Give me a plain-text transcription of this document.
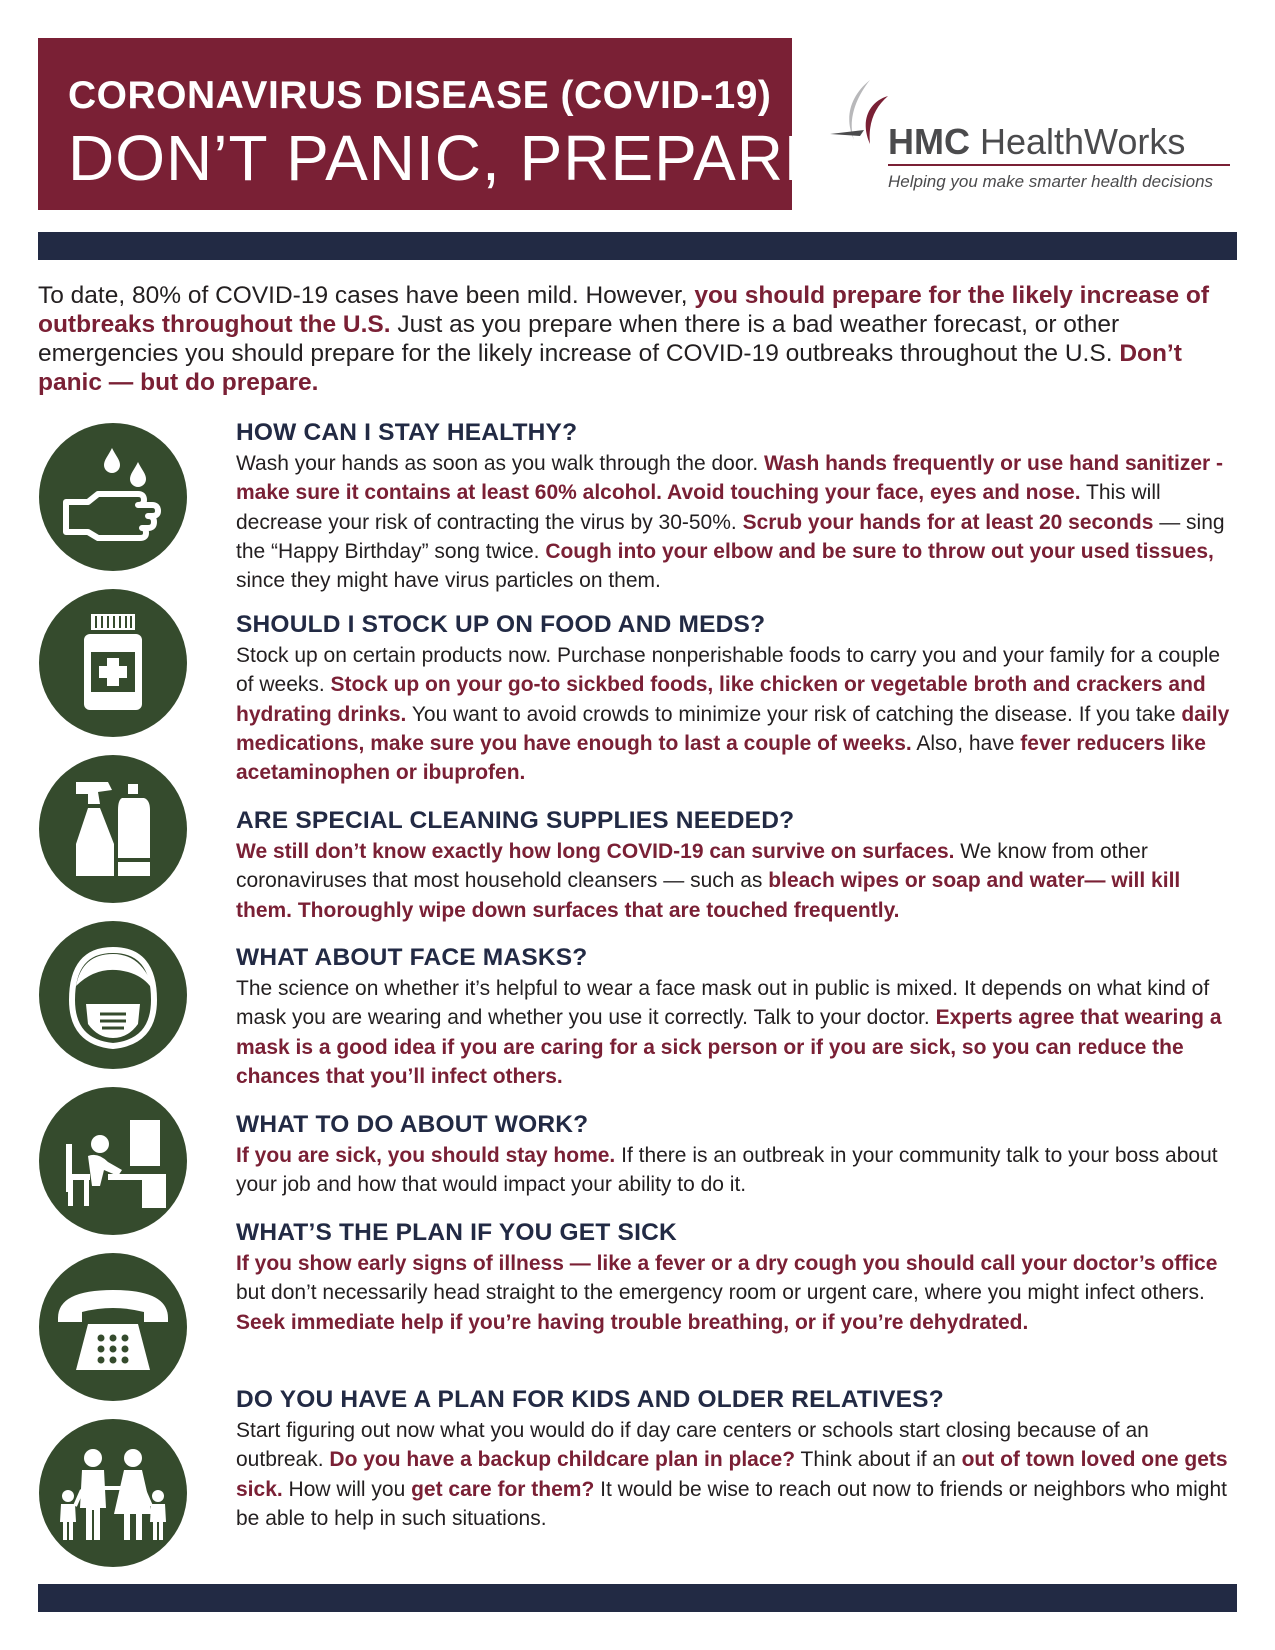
CORONAVIRUS DISEASE (COVID-19)
DON’T PANIC, PREPARE HMC HealthWorks
Helping you make smarter health decisions
To date, 80% of COVID-19 cases have been mild. However, you should prepare for the likely increase of outbreaks throughout the U.S. Just as you prepare when there is a bad weather forecast, or other emergencies you should prepare for the likely increase of COVID-19 outbreaks throughout the U.S. Don’t panic — but do prepare.
HOW CAN I STAY HEALTHY?

Wash your hands as soon as you walk through the door. Wash hands frequently or use hand sanitizer - make sure it contains at least 60% alcohol. Avoid touching your face, eyes and nose. This will decrease your risk of contracting the virus by 30-50%. Scrub your hands for at least 20 seconds — sing the “Happy Birthday” song twice. Cough into your elbow and be sure to throw out your used tissues, since they might have virus particles on them.

SHOULD I STOCK UP ON FOOD AND MEDS?

Stock up on certain products now. Purchase nonperishable foods to carry you and your family for a couple of weeks. Stock up on your go-to sickbed foods, like chicken or vegetable broth and crackers and hydrating drinks. You want to avoid crowds to minimize your risk of catching the disease. If you take daily medications, make sure you have enough to last a couple of weeks. Also, have fever reducers like acetaminophen or ibuprofen.

ARE SPECIAL CLEANING SUPPLIES NEEDED?

We still don’t know exactly how long COVID-19 can survive on surfaces. We know from other coronaviruses that most household cleansers — such as bleach wipes or soap and water— will kill them. Thoroughly wipe down surfaces that are touched frequently.

WHAT ABOUT FACE MASKS?

The science on whether it’s helpful to wear a face mask out in public is mixed. It depends on what kind of mask you are wearing and whether you use it correctly. Talk to your doctor. Experts agree that wearing a mask is a good idea if you are caring for a sick person or if you are sick, so you can reduce the chances that you’ll infect others.

WHAT TO DO ABOUT WORK?

If you are sick, you should stay home. If there is an outbreak in your community talk to your boss about your job and how that would impact your ability to do it.

WHAT’S THE PLAN IF YOU GET SICK

If you show early signs of illness — like a fever or a dry cough you should call your doctor’s office but don’t necessarily head straight to the emergency room or urgent care, where you might infect others. Seek immediate help if you’re having trouble breathing, or if you’re dehydrated.

DO YOU HAVE A PLAN FOR KIDS AND OLDER RELATIVES?

Start figuring out now what you would do if day care centers or schools start closing because of an outbreak. Do you have a backup childcare plan in place? Think about if an out of town loved one gets sick. How will you get care for them? It would be wise to reach out now to friends or neighbors who might be able to help in such situations.
